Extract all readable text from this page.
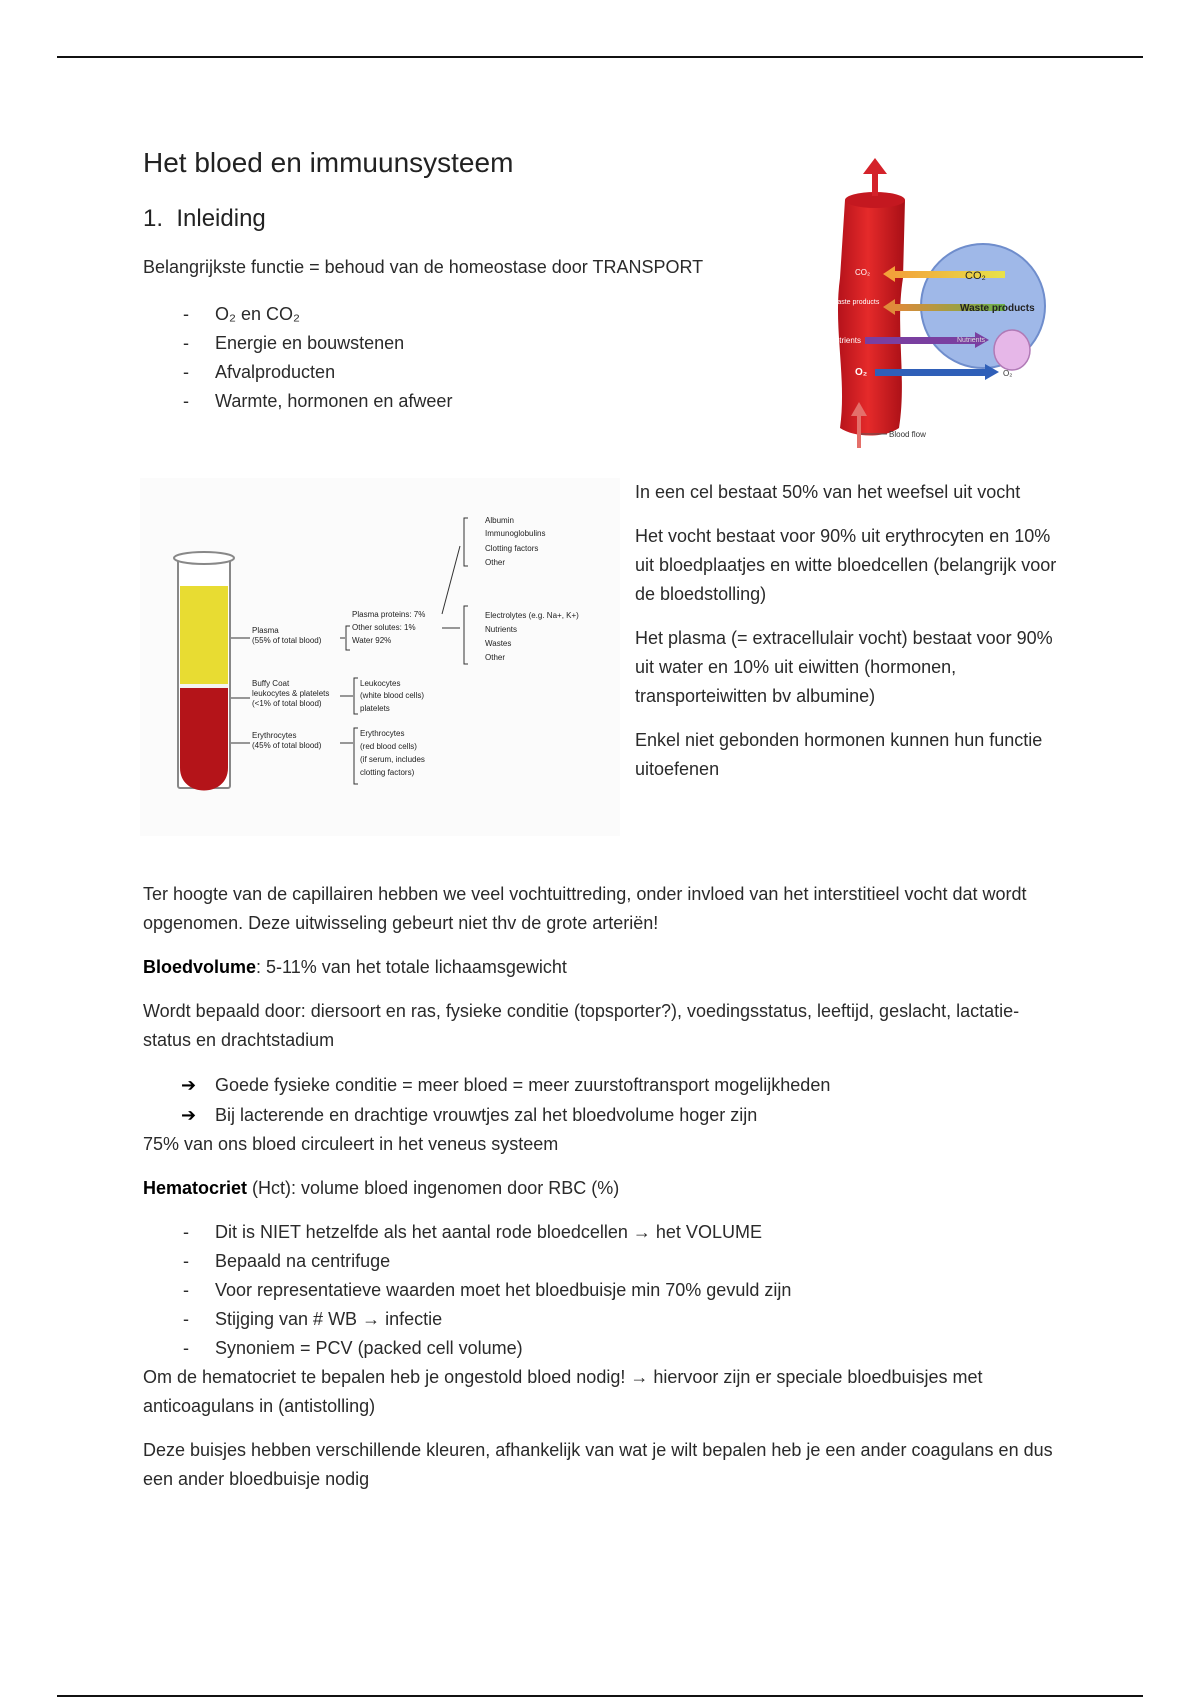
Het bloed en immuunsysteem
1. Inleiding
Belangrijkste functie = behoud van de homeostase door TRANSPORT
- O₂ en CO₂
- Energie en bouwstenen
- Afvalproducten
- Warmte, hormonen en afweer
Blood flow
CO₂	CO₂
Waste products
Waste products
Nutrients	Nutrients
O₂	O₂
Plasma
(55% of total blood)
Buffy Coat
leukocytes & platelets
(<1% of total blood)
Erythrocytes
(45% of total blood)
Plasma proteins: 7%
Other solutes: 1%
Water 92%
Albumin
Immunoglobulins
Clotting factors
Other
Electrolytes (e.g. Na+, K+)
Nutrients
Wastes
Other
Leukocytes
(white blood cells)
platelets
Erythrocytes
(red blood cells)
(if serum, includes
clotting factors)

In een cel bestaat 50% van het weefsel uit vocht

Het vocht bestaat voor 90% uit erythrocyten en 10% uit bloedplaatjes en witte bloedcellen (belangrijk voor de bloedstolling)

Het plasma (= extracellulair vocht) bestaat voor 90% uit water en 10% uit eiwitten (hormonen, transporteiwitten bv albumine)

Enkel niet gebonden hormonen kunnen hun functie uitoefenen

Ter hoogte van de capillairen hebben we veel vochtuittreding, onder invloed van het interstitieel vocht dat wordt opgenomen. Deze uitwisseling gebeurt niet thv de grote arteriën!

Bloedvolume: 5-11% van het totale lichaamsgewicht

Wordt bepaald door: diersoort en ras, fysieke conditie (topsporter?), voedingsstatus, leeftijd, geslacht, lactatie-status en drachtstadium

➔ Goede fysieke conditie = meer bloed = meer zuurstoftransport mogelijkheden
➔ Bij lacterende en drachtige vrouwtjes zal het bloedvolume hoger zijn

75% van ons bloed circuleert in het veneus systeem

Hematocriet (Hct): volume bloed ingenomen door RBC (%)

- Dit is NIET hetzelfde als het aantal rode bloedcellen → het VOLUME
- Bepaald na centrifuge
- Voor representatieve waarden moet het bloedbuisje min 70% gevuld zijn
- Stijging van # WB → infectie
- Synoniem = PCV (packed cell volume)

Om de hematocriet te bepalen heb je ongestold bloed nodig! → hiervoor zijn er speciale bloedbuisjes met anticoagulans in (antistolling)

Deze buisjes hebben verschillende kleuren, afhankelijk van wat je wilt bepalen heb je een ander coagulans en dus een ander bloedbuisje nodig
